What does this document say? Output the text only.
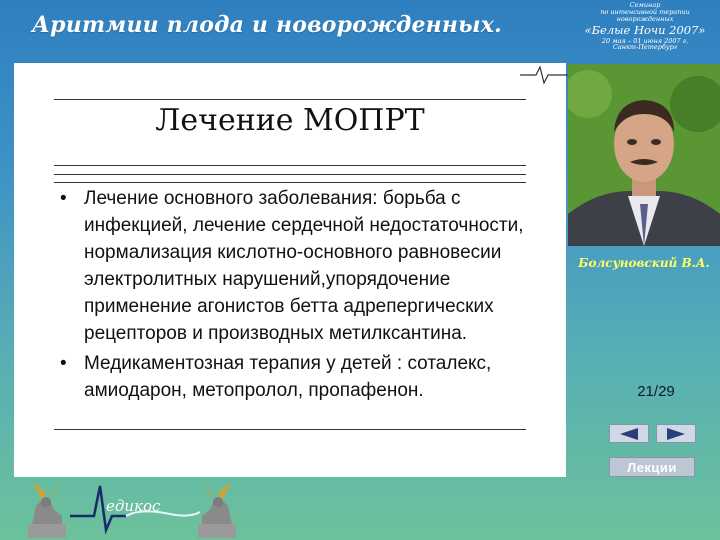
Аритмии плода и новорожденных.
Семинар
по интенсивной терапии
новорожденных
«Белые Ночи 2007»
20 мая – 01 июня 2007 г.
Санкт-Петербург
Лечение МОПРТ
• Лечение основного заболевания: борьба с инфекцией, лечение сердечной недостаточности, нормализация кислотно-основного равновесии электролитных нарушений,упорядочение применение агонистов бетта адрепергических рецепторов и производных метилксантина.
• Медикаментозная терапия у детей : соталекс, амиодарон, метопролол, пропафенон.
Болсуновский В.А.
21/29
Лекции
едикос
